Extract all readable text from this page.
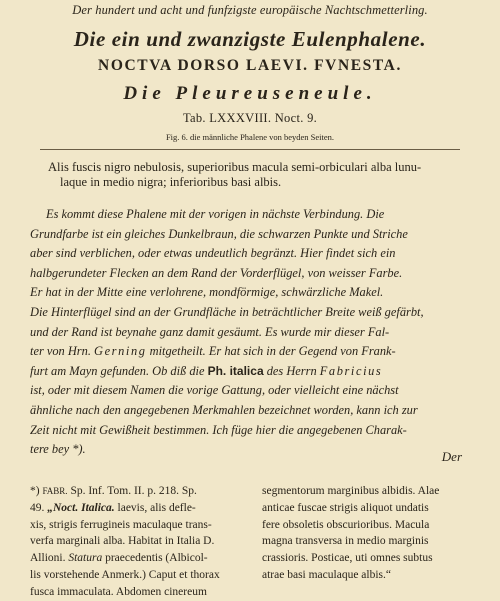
Der hundert und acht und funfzigste europäische Nachtschmetterling.
Die ein und zwanzigste Eulenphalene.
NOCTVA DORSO LAEVI. FVNESTA.
Die Pleureuseneule.
Tab. LXXXVIII. Noct. 9.
Fig. 6. die männliche Phalene von beyden Seiten.
Alis fuscis nigro nebulosis, superioribus macula semi-orbiculari alba lunu-
laque in medio nigra; inferioribus basi albis.
Es kommt diese Phalene mit der vorigen in nächste Verbindung. Die
Grundfarbe ist ein gleiches Dunkelbraun, die schwarzen Punkte und Striche
aber sind verblichen, oder etwas undeutlich begränzt. Hier findet sich ein
halbgerundeter Flecken an dem Rand der Vorderflügel, von weisser Farbe.
Er hat in der Mitte eine verlohrene, mondförmige, schwärzliche Makel.
Die Hinterflügel sind an der Grundfläche in beträchtlicher Breite weiß gefärbt,
und der Rand ist beynahe ganz damit gesäumt. Es wurde mir dieser Fal-
ter von Hrn. Gerning mitgetheilt. Er hat sich in der Gegend von Frank-
furt am Mayn gefunden. Ob diß die Ph. italica des Herrn Fabricius
ist, oder mit diesem Namen die vorige Gattung, oder vielleicht eine nächst
ähnliche nach den angegebenen Merkmahlen bezeichnet worden, kann ich zur
Zeit nicht mit Gewißheit bestimmen. Ich füge hier die angegebenen Charak-
tere bey *).	Der
*) FABR. Sp. Inf. Tom. II. p. 218. Sp.
49. „Noct. Italica. laevis, alis defle-
xis, strigis ferrugineis maculaque trans-
verfa marginali alba. Habitat in Italia D.
Allioni. Statura praecedentis (Albicol-
lis vorstehende Anmerk.) Caput et thorax
fusca immaculata. Abdomen cinereum
segmentorum marginibus albidis. Alae
anticae fuscae strigis aliquot undatis
fere obsoletis obscurioribus. Macula
magna transversa in medio marginis
crassioris. Posticae, uti omnes subtus
atrae basi maculaque albis.“
